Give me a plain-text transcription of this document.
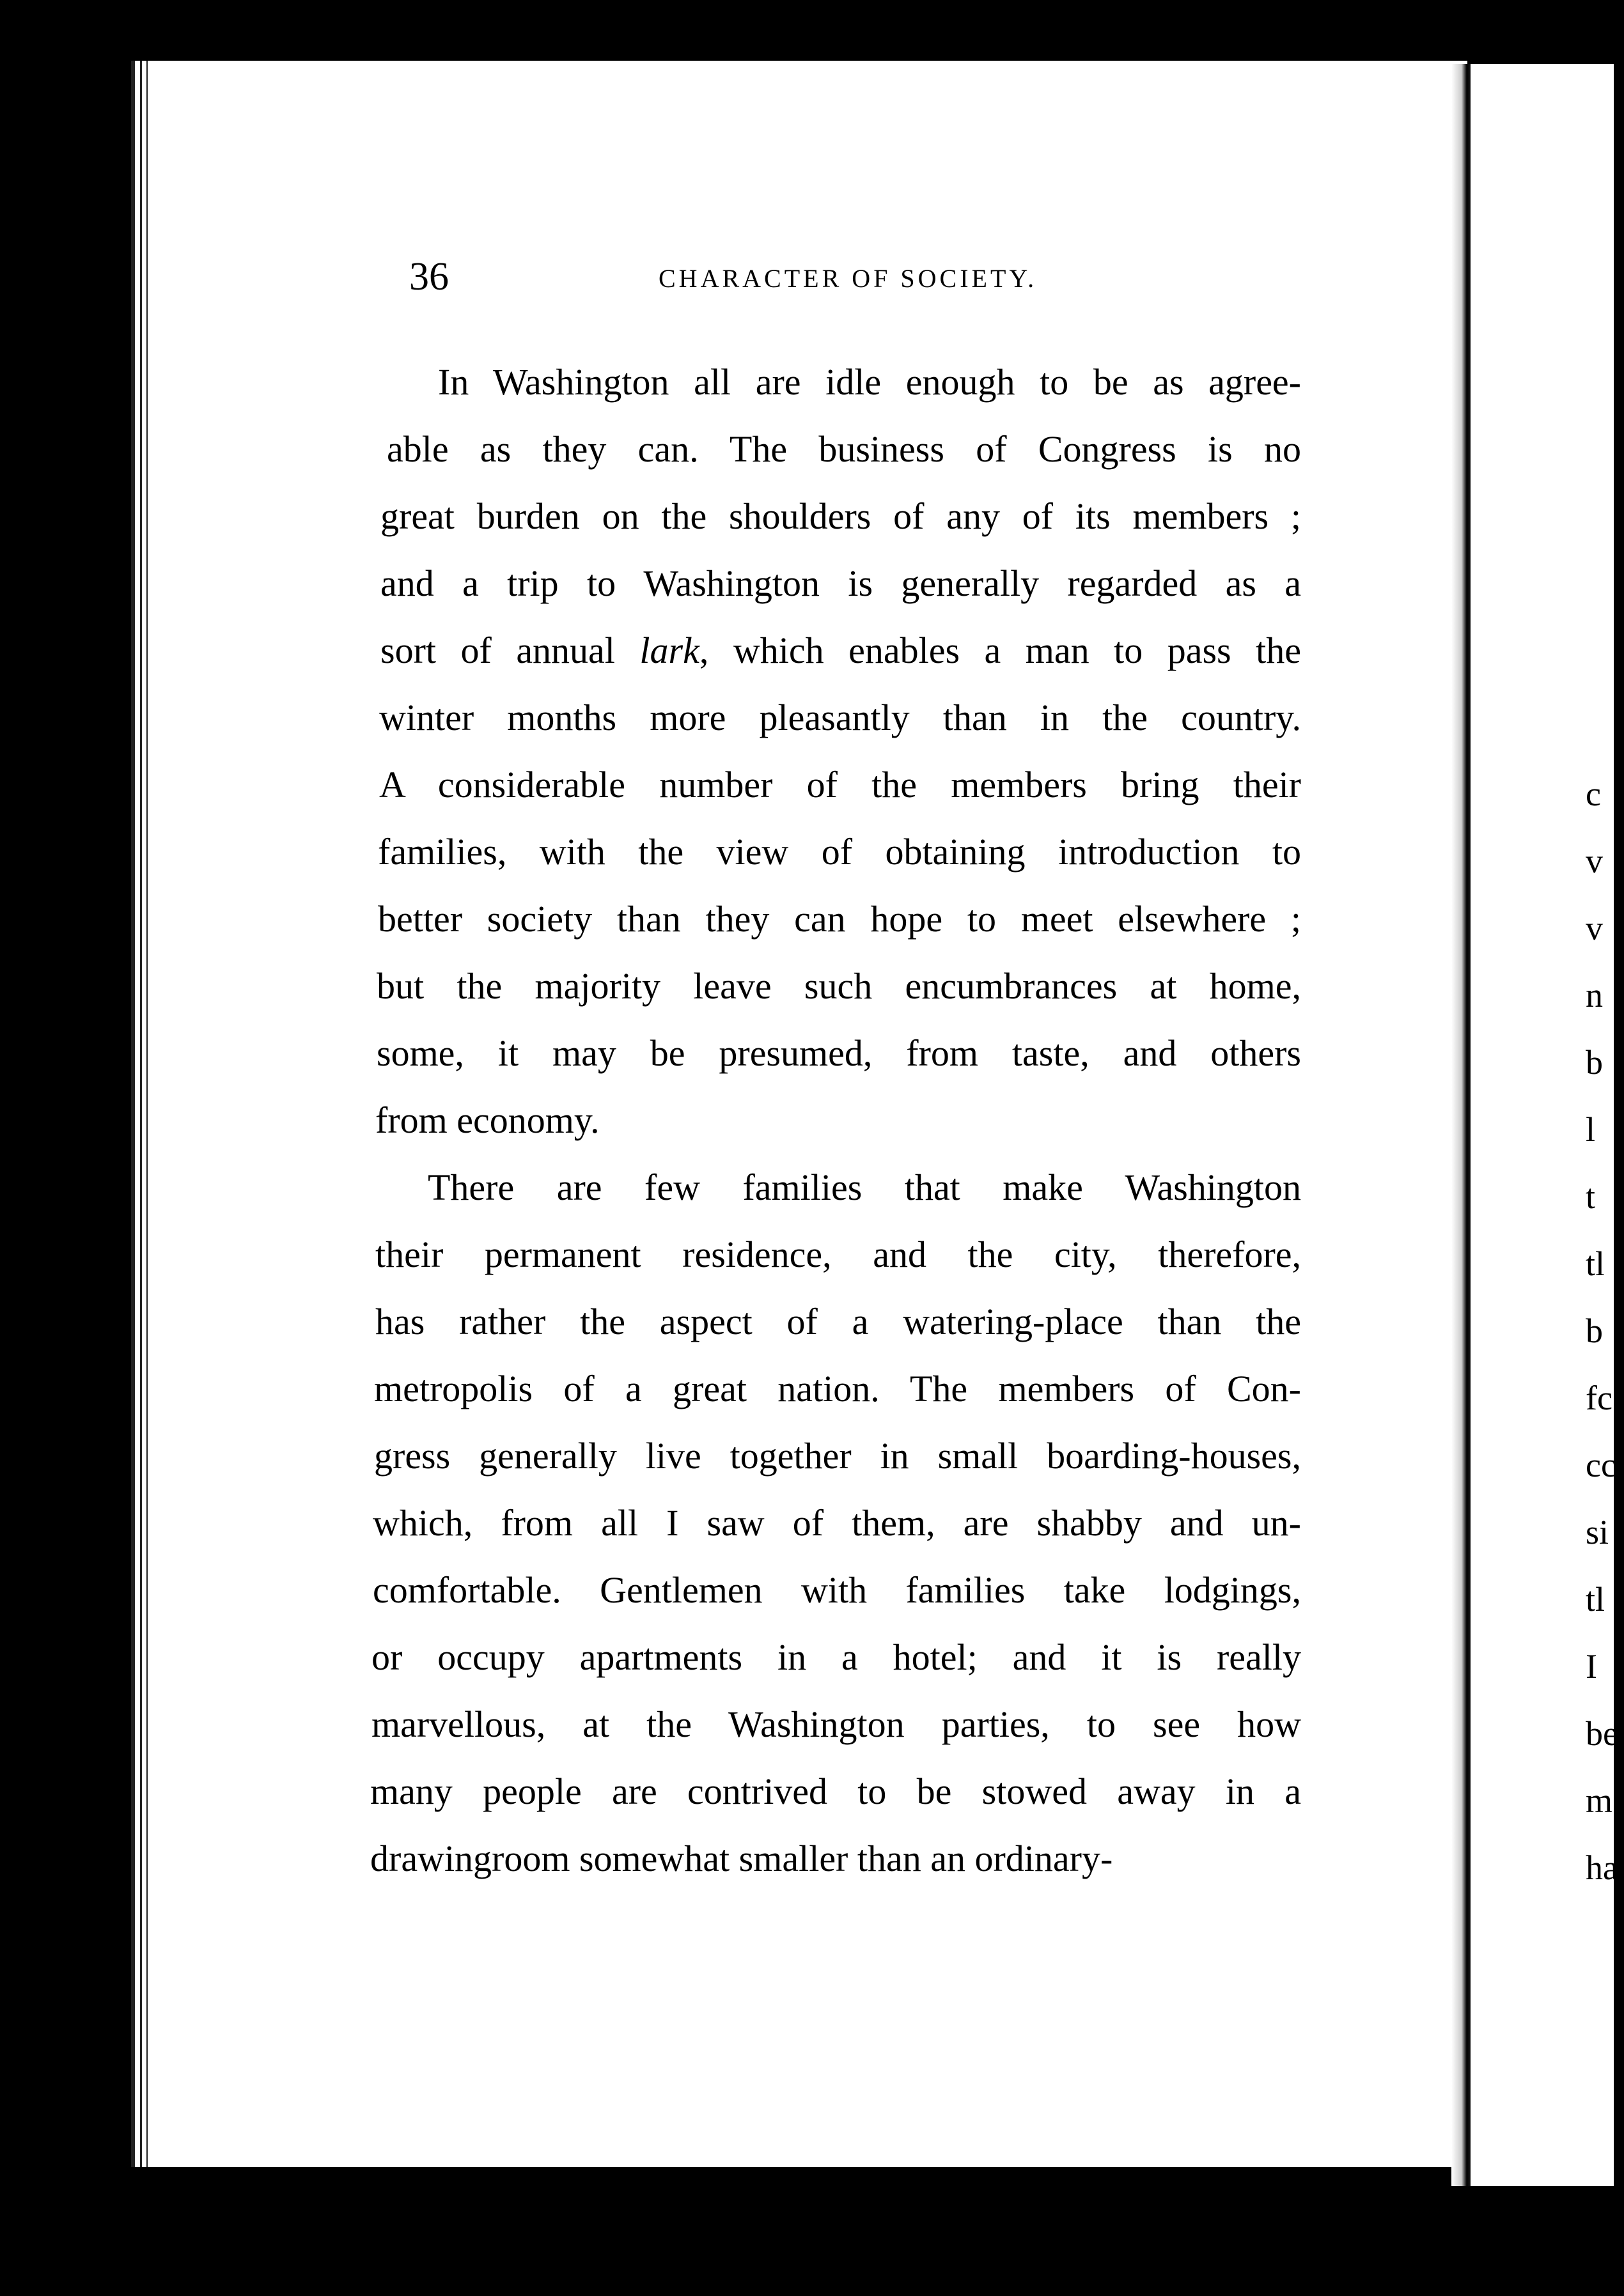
c
v
v
n
b
l
t
tl
b
fc
cc
si
tl
I
be
m
ha
36	CHARACTER OF SOCIETY.
In Washington all are idle enough to be as agree-
able as they can. The business of Congress is no
great burden on the shoulders of any of its members ;
and a trip to Washington is generally regarded as a
sort of annual lark, which enables a man to pass the
winter months more pleasantly than in the country.
A considerable number of the members bring their
families, with the view of obtaining introduction to
better society than they can hope to meet elsewhere ;
but the majority leave such encumbrances at home,
some, it may be presumed, from taste, and others
from economy.
There are few families that make Washington
their permanent residence, and the city, therefore,
has rather the aspect of a watering-place than the
metropolis of a great nation. The members of Con-
gress generally live together in small boarding-houses,
which, from all I saw of them, are shabby and un-
comfortable. Gentlemen with families take lodgings,
or occupy apartments in a hotel; and it is really
marvellous, at the Washington parties, to see how
many people are contrived to be stowed away in a
drawingroom somewhat smaller than an ordinary-
